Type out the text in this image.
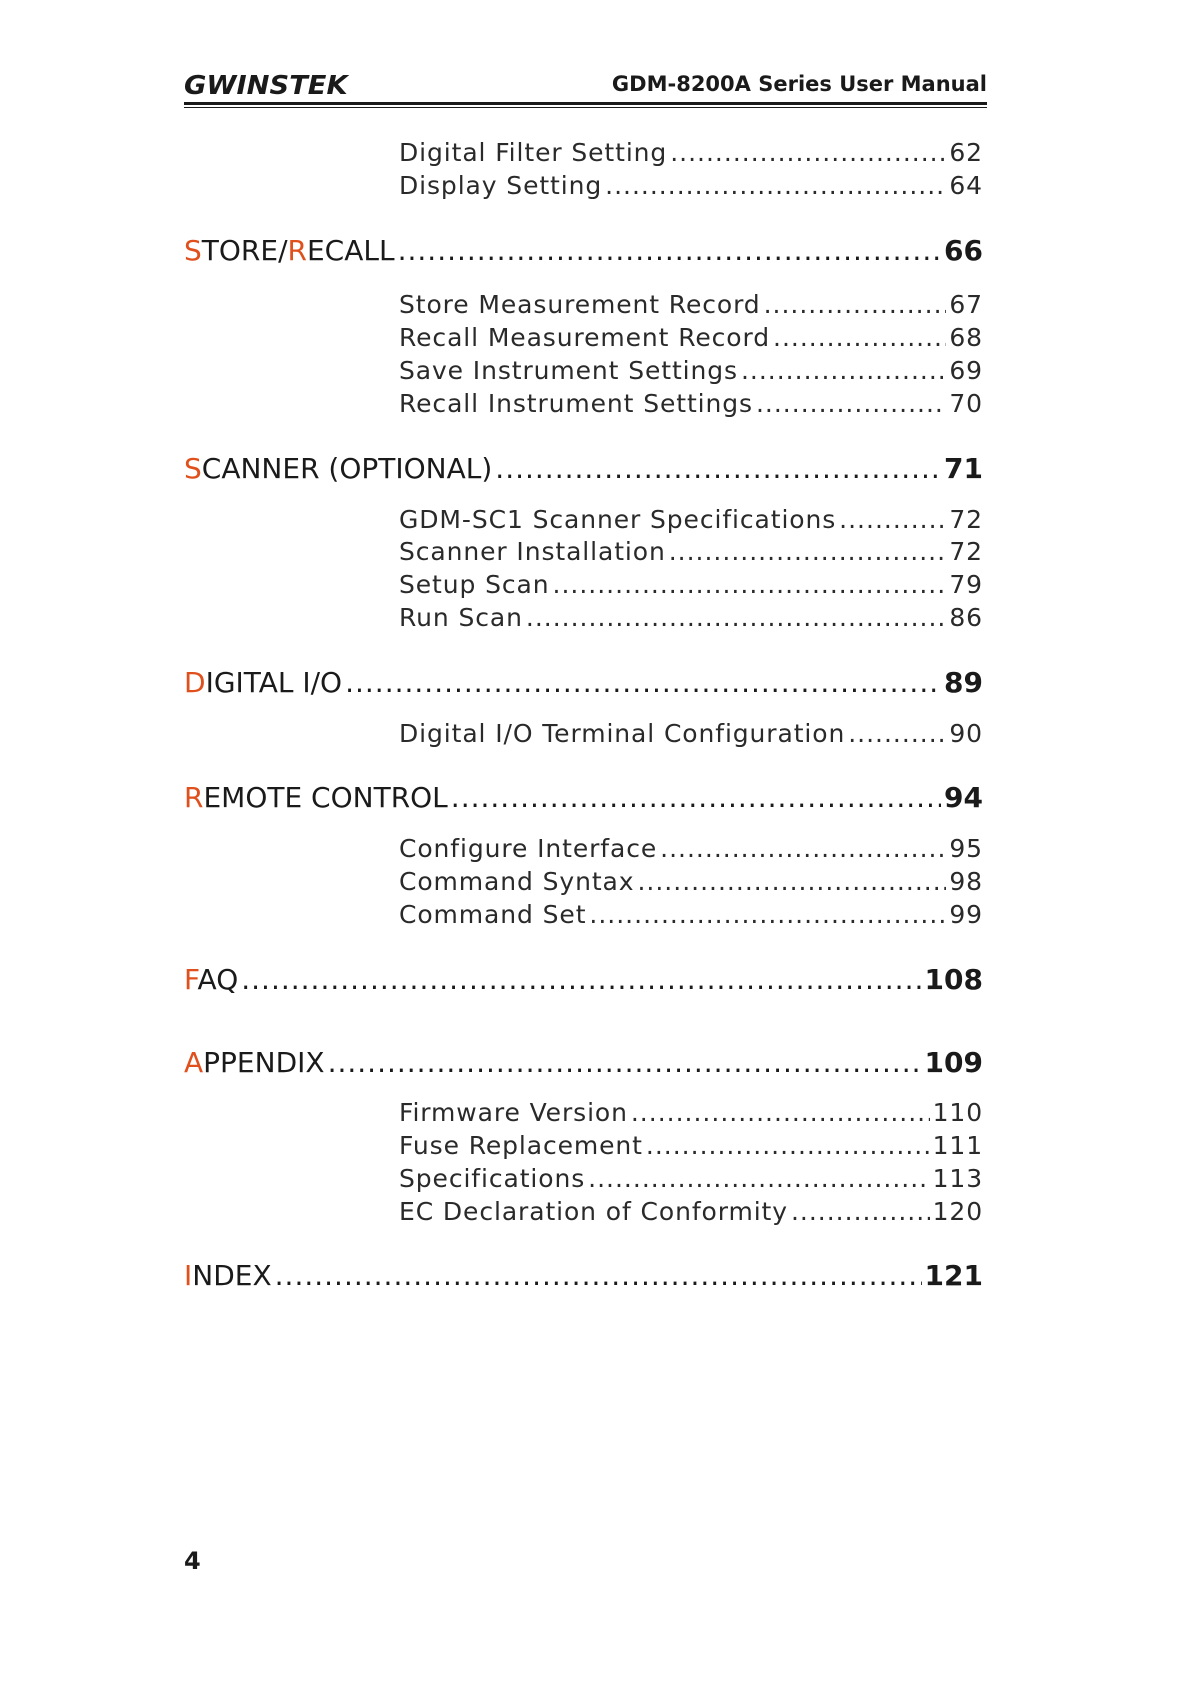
GWINSTEK	GDM-8200A Series User Manual
Digital Filter Setting .....	62
Display Setting .....	64
STORE/RECALL .....	66
Store Measurement Record .....	67
Recall Measurement Record .....	68
Save Instrument Settings .....	69
Recall Instrument Settings .....	70
SCANNER (OPTIONAL) .....	71
GDM-SC1 Scanner Specifications .....	72
Scanner Installation .....	72
Setup Scan .....	79
Run Scan .....	86
DIGITAL I/O .....	89
Digital I/O Terminal Configuration .....	90
REMOTE CONTROL .....	94
Configure Interface .....	95
Command Syntax .....	98
Command Set .....	99
FAQ .....	108
APPENDIX .....	109
Firmware Version .....	110
Fuse Replacement .....	111
Specifications .....	113
EC Declaration of Conformity .....	120
INDEX .....	121
4
